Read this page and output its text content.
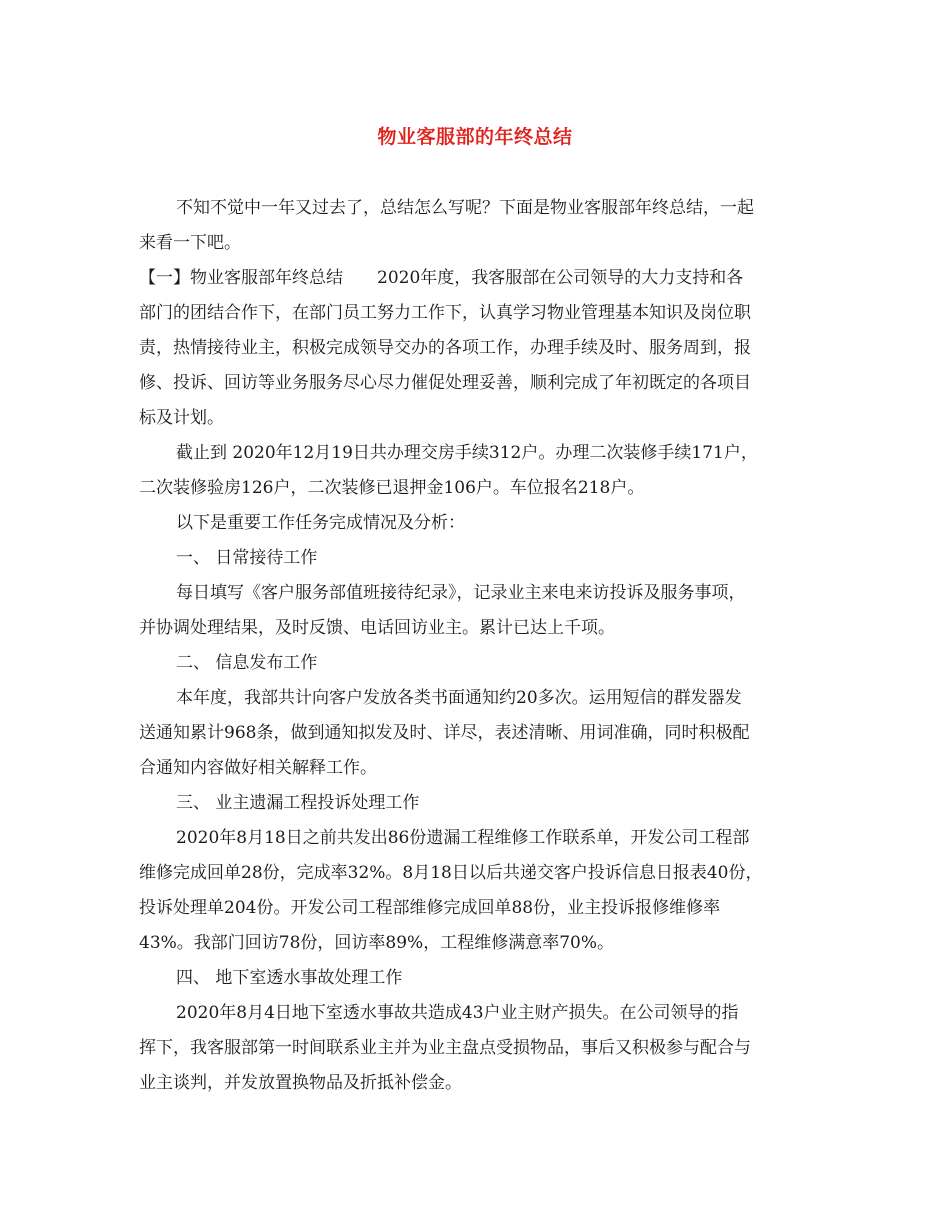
物业客服部的年终总结
不知不觉中一年又过去了，总结怎么写呢？下面是物业客服部年终总结，一起
来看一下吧。
【一】物业客服部年终总结　　2020年度，我客服部在公司领导的大力支持和各
部门的团结合作下，在部门员工努力工作下，认真学习物业管理基本知识及岗位职
责，热情接待业主，积极完成领导交办的各项工作，办理手续及时、服务周到，报
修、投诉、回访等业务服务尽心尽力催促处理妥善，顺利完成了年初既定的各项目
标及计划。
截止到 2020年12月19日共办理交房手续312户。办理二次装修手续171户，
二次装修验房126户，二次装修已退押金106户。车位报名218户。
以下是重要工作任务完成情况及分析：
一、 日常接待工作
每日填写《客户服务部值班接待纪录》，记录业主来电来访投诉及服务事项，
并协调处理结果，及时反馈、电话回访业主。累计已达上千项。
二、 信息发布工作
本年度，我部共计向客户发放各类书面通知约20多次。运用短信的群发器发
送通知累计968条，做到通知拟发及时、详尽，表述清晰、用词准确，同时积极配
合通知内容做好相关解释工作。
三、 业主遗漏工程投诉处理工作
2020年8月18日之前共发出86份遗漏工程维修工作联系单，开发公司工程部
维修完成回单28份，完成率32%。8月18日以后共递交客户投诉信息日报表40份，
投诉处理单204份。开发公司工程部维修完成回单88份，业主投诉报修维修率
43%。我部门回访78份，回访率89%，工程维修满意率70%。
四、 地下室透水事故处理工作
2020年8月4日地下室透水事故共造成43户业主财产损失。在公司领导的指
挥下，我客服部第一时间联系业主并为业主盘点受损物品，事后又积极参与配合与
业主谈判，并发放置换物品及折抵补偿金。
